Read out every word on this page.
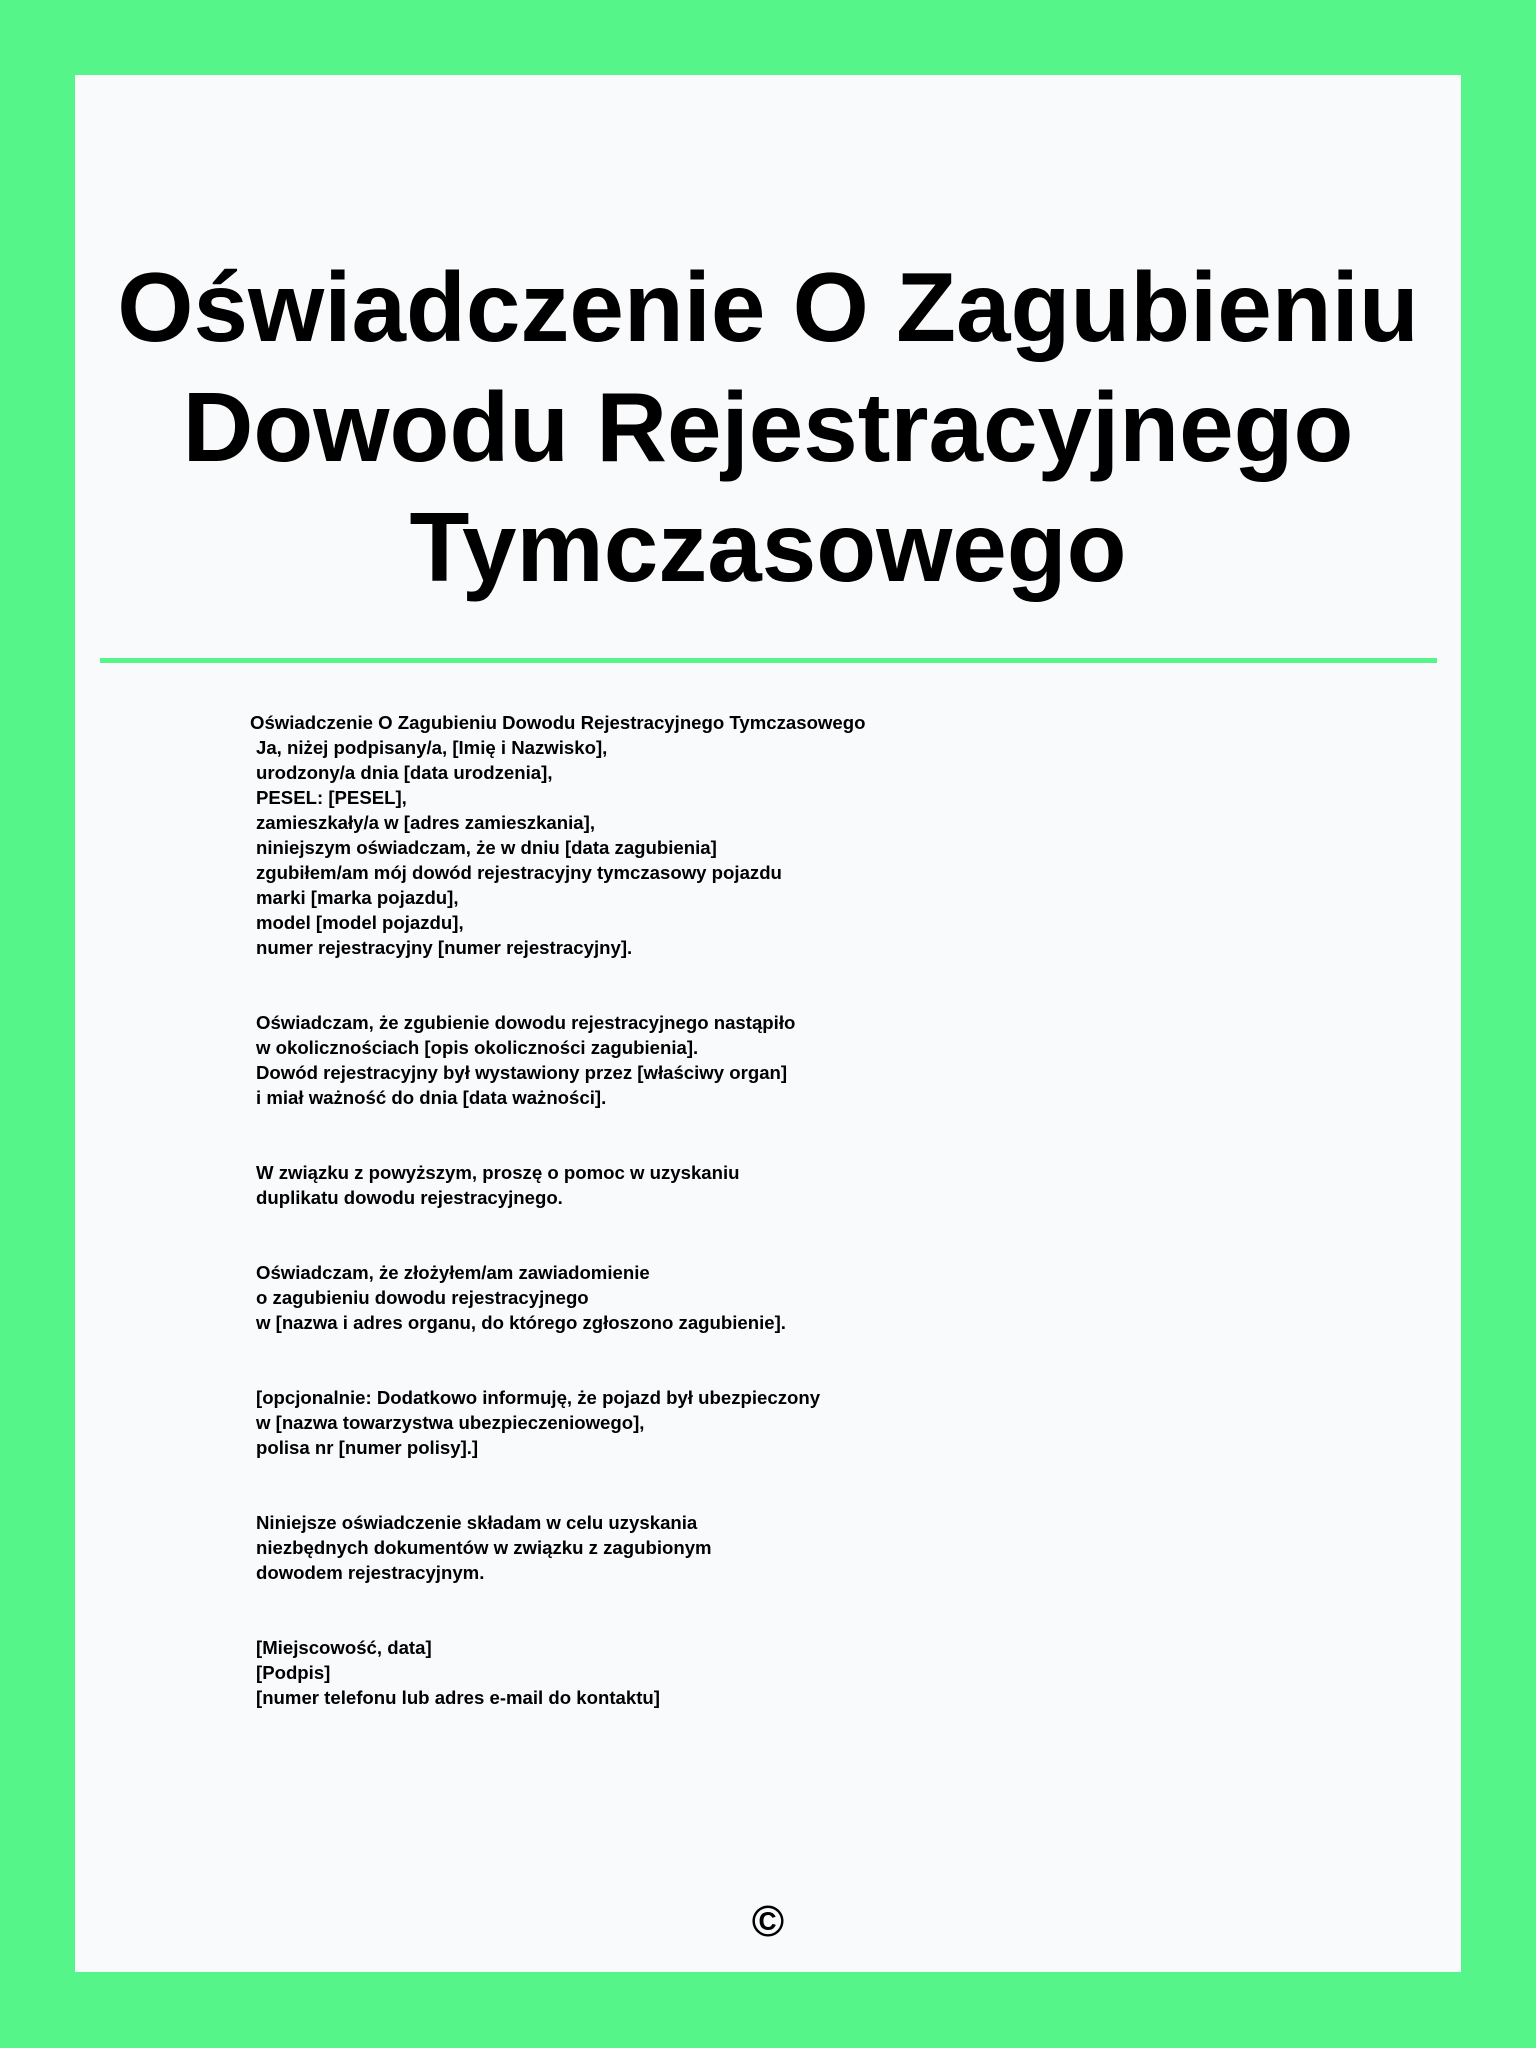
Oświadczenie O Zagubieniu Dowodu Rejestracyjnego Tymczasowego
Oświadczenie O Zagubieniu Dowodu Rejestracyjnego Tymczasowego
Ja, niżej podpisany/a, [Imię i Nazwisko],
urodzony/a dnia [data urodzenia],
PESEL: [PESEL],
zamieszkały/a w [adres zamieszkania],
niniejszym oświadczam, że w dniu [data zagubienia]
zgubiłem/am mój dowód rejestracyjny tymczasowy pojazdu
marki [marka pojazdu],
model [model pojazdu],
numer rejestracyjny [numer rejestracyjny].
Oświadczam, że zgubienie dowodu rejestracyjnego nastąpiło
w okolicznościach [opis okoliczności zagubienia].
Dowód rejestracyjny był wystawiony przez [właściwy organ]
i miał ważność do dnia [data ważności].
W związku z powyższym, proszę o pomoc w uzyskaniu
duplikatu dowodu rejestracyjnego.
Oświadczam, że złożyłem/am zawiadomienie
o zagubieniu dowodu rejestracyjnego
w [nazwa i adres organu, do którego zgłoszono zagubienie].
[opcjonalnie: Dodatkowo informuję, że pojazd był ubezpieczony
w [nazwa towarzystwa ubezpieczeniowego],
polisa nr [numer polisy].]
Niniejsze oświadczenie składam w celu uzyskania
niezbędnych dokumentów w związku z zagubionym
dowodem rejestracyjnym.
[Miejscowość, data]
[Podpis]
[numer telefonu lub adres e-mail do kontaktu]
©
